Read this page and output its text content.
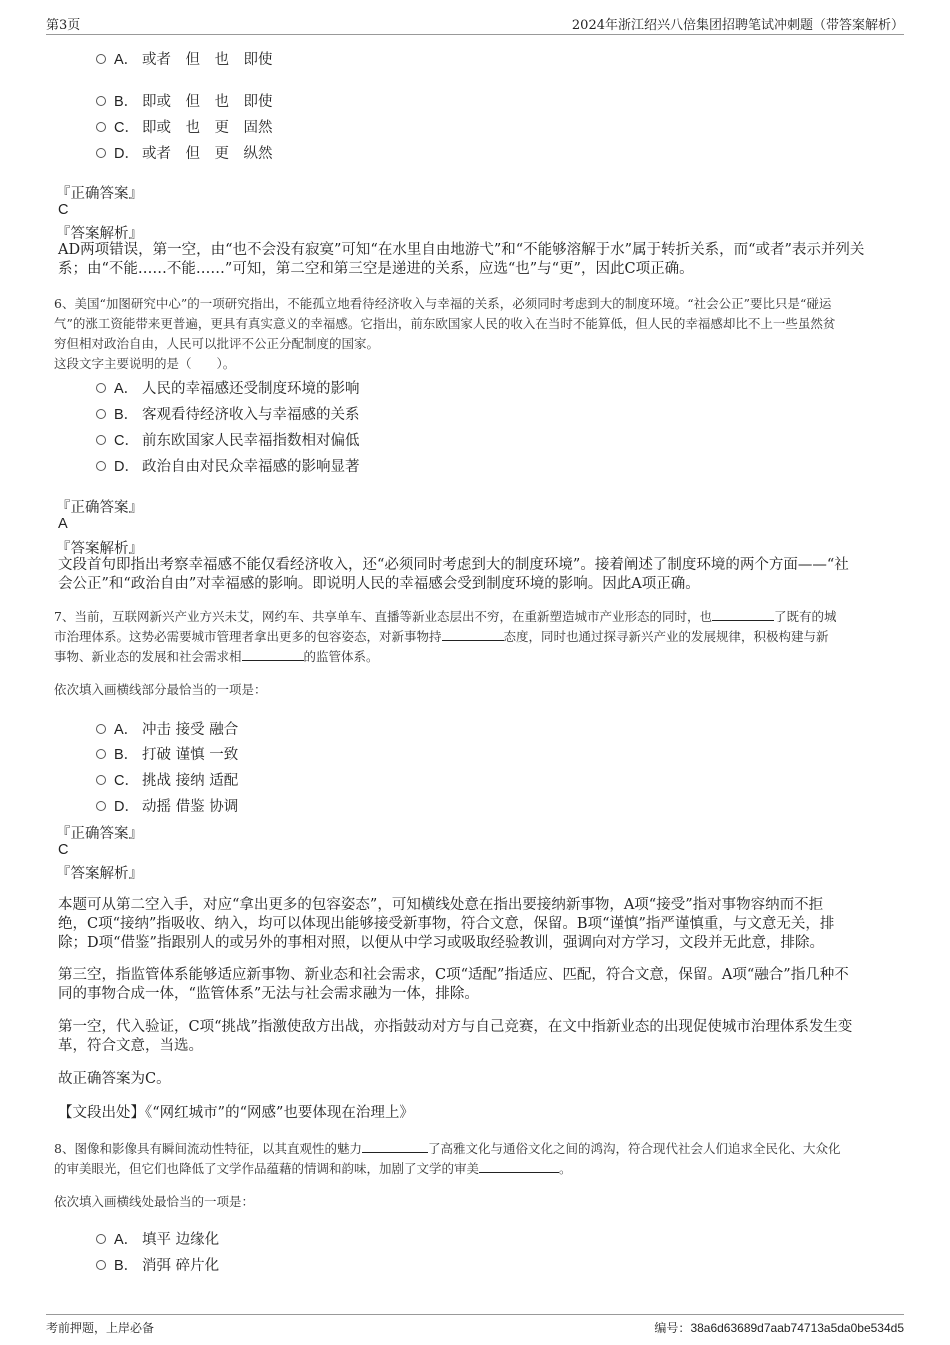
第3页	2024年浙江绍兴八倍集团招聘笔试冲刺题（带答案解析）
A． 或者　但　也　即使
B． 即或　但　也　即使
C． 即或　也　更　固然
D． 或者　但　更　纵然
『正确答案』
C
『答案解析』
AD两项错误，第一空，由“也不会没有寂寞”可知“在水里自由地游弋”和“不能够溶解于水”属于转折关系，而“或者”表示并列关
系；由“不能……不能……”可知，第二空和第三空是递进的关系，应选“也”与“更”，因此C项正确。
6、美国“加图研究中心”的一项研究指出，不能孤立地看待经济收入与幸福的关系，必须同时考虑到大的制度环境。“社会公正”要比只是“碰运
气”的涨工资能带来更普遍，更具有真实意义的幸福感。它指出，前东欧国家人民的收入在当时不能算低，但人民的幸福感却比不上一些虽然贫
穷但相对政治自由，人民可以批评不公正分配制度的国家。
这段文字主要说明的是（　　）。
A． 人民的幸福感还受制度环境的影响
B． 客观看待经济收入与幸福感的关系
C． 前东欧国家人民幸福指数相对偏低
D． 政治自由对民众幸福感的影响显著
『正确答案』
A
『答案解析』
文段首句即指出考察幸福感不能仅看经济收入，还“必须同时考虑到大的制度环境”。接着阐述了制度环境的两个方面——“社
会公正”和“政治自由”对幸福感的影响。即说明人民的幸福感会受到制度环境的影响。因此A项正确。
7、当前，互联网新兴产业方兴未艾，网约车、共享单车、直播等新业态层出不穷，在重新塑造城市产业形态的同时，也	了既有的城
市治理体系。这势必需要城市管理者拿出更多的包容姿态，对新事物持	态度，同时也通过探寻新兴产业的发展规律，积极构建与新
事物、新业态的发展和社会需求相	的监管体系。
依次填入画横线部分最恰当的一项是：
A． 冲击 接受 融合
B． 打破 谨慎 一致
C． 挑战 接纳 适配
D． 动摇 借鉴 协调
『正确答案』
C
『答案解析』
本题可从第二空入手，对应“拿出更多的包容姿态”，可知横线处意在指出要接纳新事物，A项“接受”指对事物容纳而不拒
绝，C项“接纳”指吸收、纳入，均可以体现出能够接受新事物，符合文意，保留。B项“谨慎”指严谨慎重，与文意无关，排
除；D项“借鉴”指跟别人的或另外的事相对照，以便从中学习或吸取经验教训，强调向对方学习，文段并无此意，排除。
第三空，指监管体系能够适应新事物、新业态和社会需求，C项“适配”指适应、匹配，符合文意，保留。A项“融合”指几种不
同的事物合成一体，“监管体系”无法与社会需求融为一体，排除。
第一空，代入验证，C项“挑战”指激使敌方出战，亦指鼓动对方与自己竞赛，在文中指新业态的出现促使城市治理体系发生变
革，符合文意，当选。
故正确答案为C。
【文段出处】《“网红城市”的“网感”也要体现在治理上》
8、图像和影像具有瞬间流动性特征，以其直观性的魅力	了高雅文化与通俗文化之间的鸿沟，符合现代社会人们追求全民化、大众化
的审美眼光，但它们也降低了文学作品蕴藉的情调和韵味，加剧了文学的审美	。
依次填入画横线处最恰当的一项是：
A． 填平 边缘化
B． 消弭 碎片化
考前押题，上岸必备	编号：38a6d63689d7aab74713a5da0be534d5
